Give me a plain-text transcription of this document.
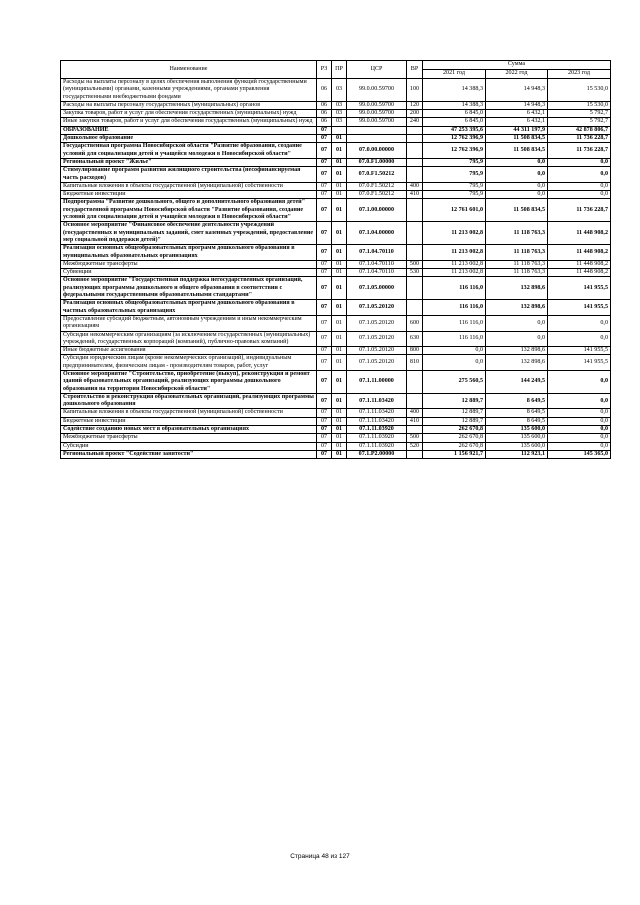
Наименование	РЗ	ПР	ЦСР	ВР	Сумма		
					2021 год	2022 год	2023 год
Расходы на выплаты персоналу в целях обеспечения выполнения функций государственными (муниципальными) органами, казенными учреждениями, органами управления государственными внебюджетными фондами	06	03	99.0.00.59700	100	14 388,3	14 948,3	15 530,0
Расходы на выплаты персоналу государственных (муниципальных) органов	06	03	99.0.00.59700	120	14 388,3	14 948,3	15 530,0
Закупка товаров, работ и услуг для обеспечения государственных (муниципальных) нужд	06	03	99.0.00.59700	200	6 845,0	6 432,1	5 792,7
Иные закупки товаров, работ и услуг для обеспечения государственных (муниципальных) нужд	06	03	99.0.00.59700	240	6 845,0	6 432,1	5 792,7
ОБРАЗОВАНИЕ	07				47 253 395,6	44 311 197,9	42 878 806,7
Дошкольное образование	07	01			12 762 396,9	11 508 834,5	11 736 228,7
Государственная программа Новосибирской области "Развитие образования, создание условий для социализации детей и учащейся молодежи в Новосибирской области"	07	01	07.0.00.00000		12 762 396,9	11 508 834,5	11 736 228,7
Региональный проект "Жилье"	07	01	07.0.F1.00000		795,9	0,0	0,0
Стимулирование программ развития жилищного строительства (несофинансируемая часть расходов)	07	01	07.0.F1.50212		795,9	0,0	0,0
Капитальные вложения в объекты государственной (муниципальной) собственности	07	01	07.0.F1.50212	400	795,9	0,0	0,0
Бюджетные инвестиции	07	01	07.0.F1.50212	410	795,9	0,0	0,0
Подпрограмма "Развитие дошкольного, общего и дополнительного образования детей" государственной программы Новосибирской области "Развитие образования, создание условий для социализации детей и учащейся молодежи в Новосибирской области"	07	01	07.1.00.00000		12 761 601,0	11 508 834,5	11 736 228,7
Основное мероприятие "Финансовое обеспечение деятельности учреждений (государственных и муниципальных заданий, смет казенных учреждений, предоставление мер социальной поддержки детей)"	07	01	07.1.04.00000		11 213 002,8	11 118 763,3	11 448 908,2
Реализация основных общеобразовательных программ дошкольного образования в муниципальных образовательных организациях	07	01	07.1.04.70110		11 213 002,8	11 118 763,3	11 448 908,2
Межбюджетные трансферты	07	01	07.1.04.70110	500	11 213 002,8	11 118 763,3	11 448 908,2
Субвенции	07	01	07.1.04.70110	530	11 213 002,8	11 118 763,3	11 448 908,2
Основное мероприятие "Государственная поддержка негосударственных организаций, реализующих программы дошкольного и общего образования в соответствии с федеральными государственными образовательными стандартами"	07	01	07.1.05.00000		116 116,0	132 898,6	141 955,5
Реализация основных общеобразовательных программ дошкольного образования в частных образовательных организациях	07	01	07.1.05.20120		116 116,0	132 898,6	141 955,5
Предоставление субсидий бюджетным, автономным учреждениям и иным некоммерческим организациям	07	01	07.1.05.20120	600	116 116,0	0,0	0,0
Субсидии некоммерческим организациям (за исключением государственных (муниципальных) учреждений, государственных корпораций (компаний), публично-правовых компаний)	07	01	07.1.05.20120	630	116 116,0	0,0	0,0
Иные бюджетные ассигнования	07	01	07.1.05.20120	800	0,0	132 898,6	141 955,5
Субсидии юридическим лицам (кроме некоммерческих организаций), индивидуальным предпринимателям, физическим лицам - производителям товаров, работ, услуг	07	01	07.1.05.20120	810	0,0	132 898,6	141 955,5
Основное мероприятие "Строительство, приобретение (выкуп), реконструкция и ремонт зданий образовательных организаций, реализующих программы дошкольного образования на территории Новосибирской области"	07	01	07.1.11.00000		275 560,5	144 249,5	0,0
Строительство и реконструкция образовательных организаций, реализующих программы дошкольного образования	07	01	07.1.11.03420		12 889,7	8 649,5	0,0
Капитальные вложения в объекты государственной (муниципальной) собственности	07	01	07.1.11.03420	400	12 889,7	8 649,5	0,0
Бюджетные инвестиции	07	01	07.1.11.03420	410	12 889,7	8 649,5	0,0
Содействие созданию новых мест в образовательных организациях	07	01	07.1.11.03920		262 670,8	135 600,0	0,0
Межбюджетные трансферты	07	01	07.1.11.03920	500	262 670,8	135 600,0	0,0
Субсидии	07	01	07.1.11.03920	520	262 670,8	135 600,0	0,0
Региональный проект "Содействие занятости"	07	01	07.1.P2.00000		1 156 921,7	112 923,1	145 365,0
Страница 48 из 127
